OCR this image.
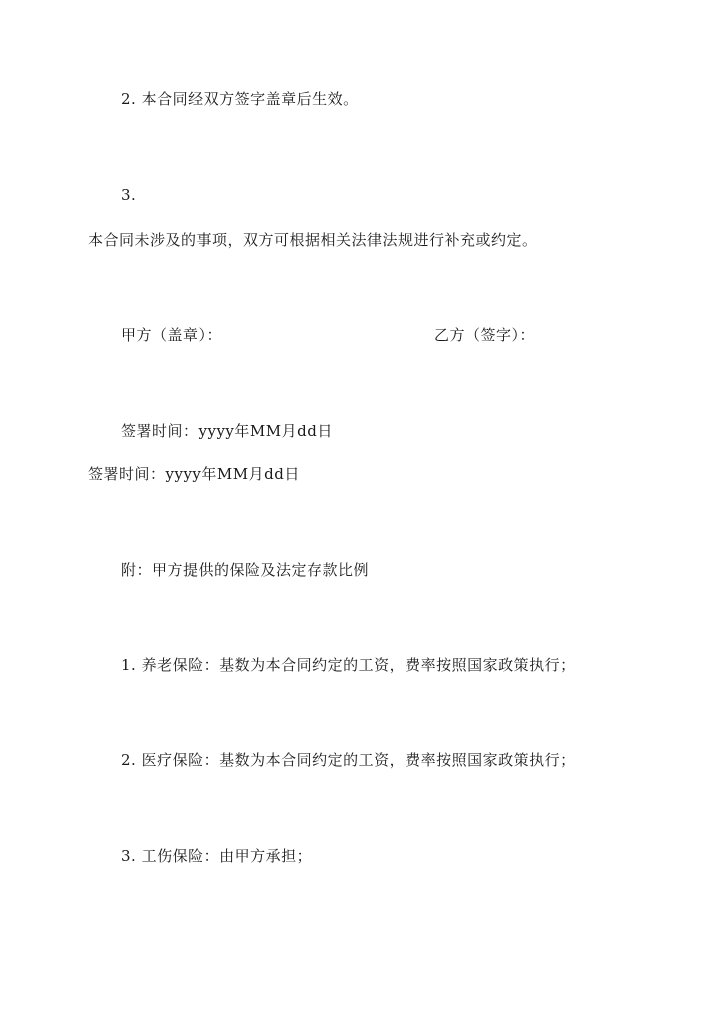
2. 本合同经双方签字盖章后生效。
3.
本合同未涉及的事项，双方可根据相关法律法规进行补充或约定。
甲方（盖章）：	乙方（签字）：
签署时间：yyyy年MM月dd日
签署时间：yyyy年MM月dd日
附：甲方提供的保险及法定存款比例
1. 养老保险：基数为本合同约定的工资，费率按照国家政策执行；
2. 医疗保险：基数为本合同约定的工资，费率按照国家政策执行；
3. 工伤保险：由甲方承担；
